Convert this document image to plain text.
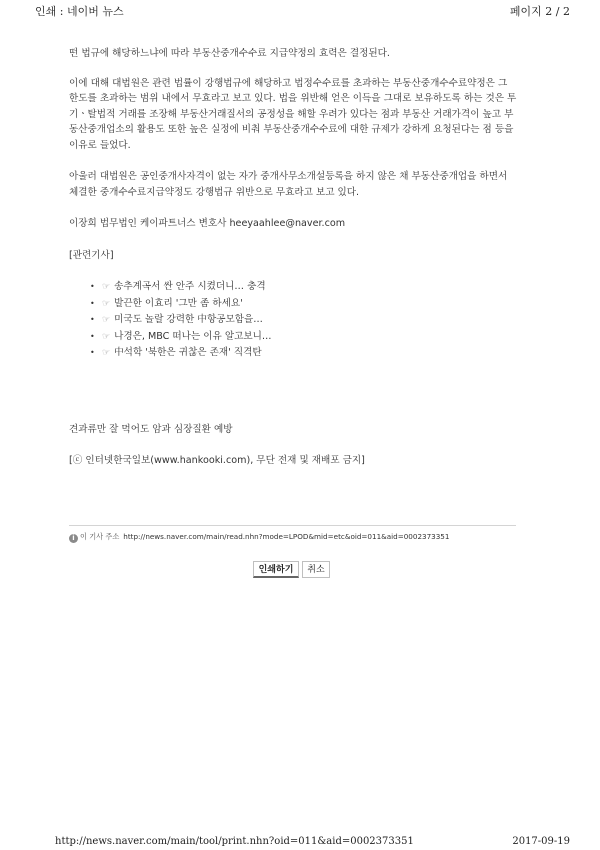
인쇄 : 네이버 뉴스	페이지 2 / 2

떤 법규에 해당하느냐에 따라 부동산중개수수료 지급약정의 효력은 결정된다.

이에 대해 대법원은 관련 법률이 강행법규에 해당하고 법정수수료를 초과하는 부동산중개수수료약정은 그 한도를 초과하는 범위 내에서 무효라고 보고 있다. 법을 위반해 얻은 이득을 그대로 보유하도록 하는 것은 투기ㆍ탈법적 거래를 조장해 부동산거래질서의 공정성을 해할 우려가 있다는 점과 부동산 거래가격이 높고 부동산중개업소의 활용도 또한 높은 실정에 비춰 부동산중개수수료에 대한 규제가 강하게 요청된다는 점 등을 이유로 들었다.

아울러 대법원은 공인중개사자격이 없는 자가 중개사무소개설등록을 하지 않은 채 부동산중개업을 하면서 체결한 중개수수료지급약정도 강행법규 위반으로 무효라고 보고 있다.

이장희 법무법인 케이파트너스 변호사 heeyaahlee@naver.com

[관련기사]

• ☞ 송추계곡서 싼 안주 시켰더니… 충격
• ☞ 발끈한 이효리 '그만 좀 하세요'
• ☞ 미국도 놀랄 강력한 中항공모함을…
• ☞ 나경은, MBC 떠나는 이유 알고보니…
• ☞ 中석학 '북한은 귀찮은 존재' 직격탄

견과류만 잘 먹어도 암과 심장질환 예방

[ⓒ 인터넷한국일보(www.hankooki.com), 무단 전재 및 재배포 금지]

i 이 기사 주소 http://news.naver.com/main/read.nhn?mode=LPOD&mid=etc&oid=011&aid=0002373351
인쇄하기	취소
http://news.naver.com/main/tool/print.nhn?oid=011&aid=0002373351	2017-09-19
